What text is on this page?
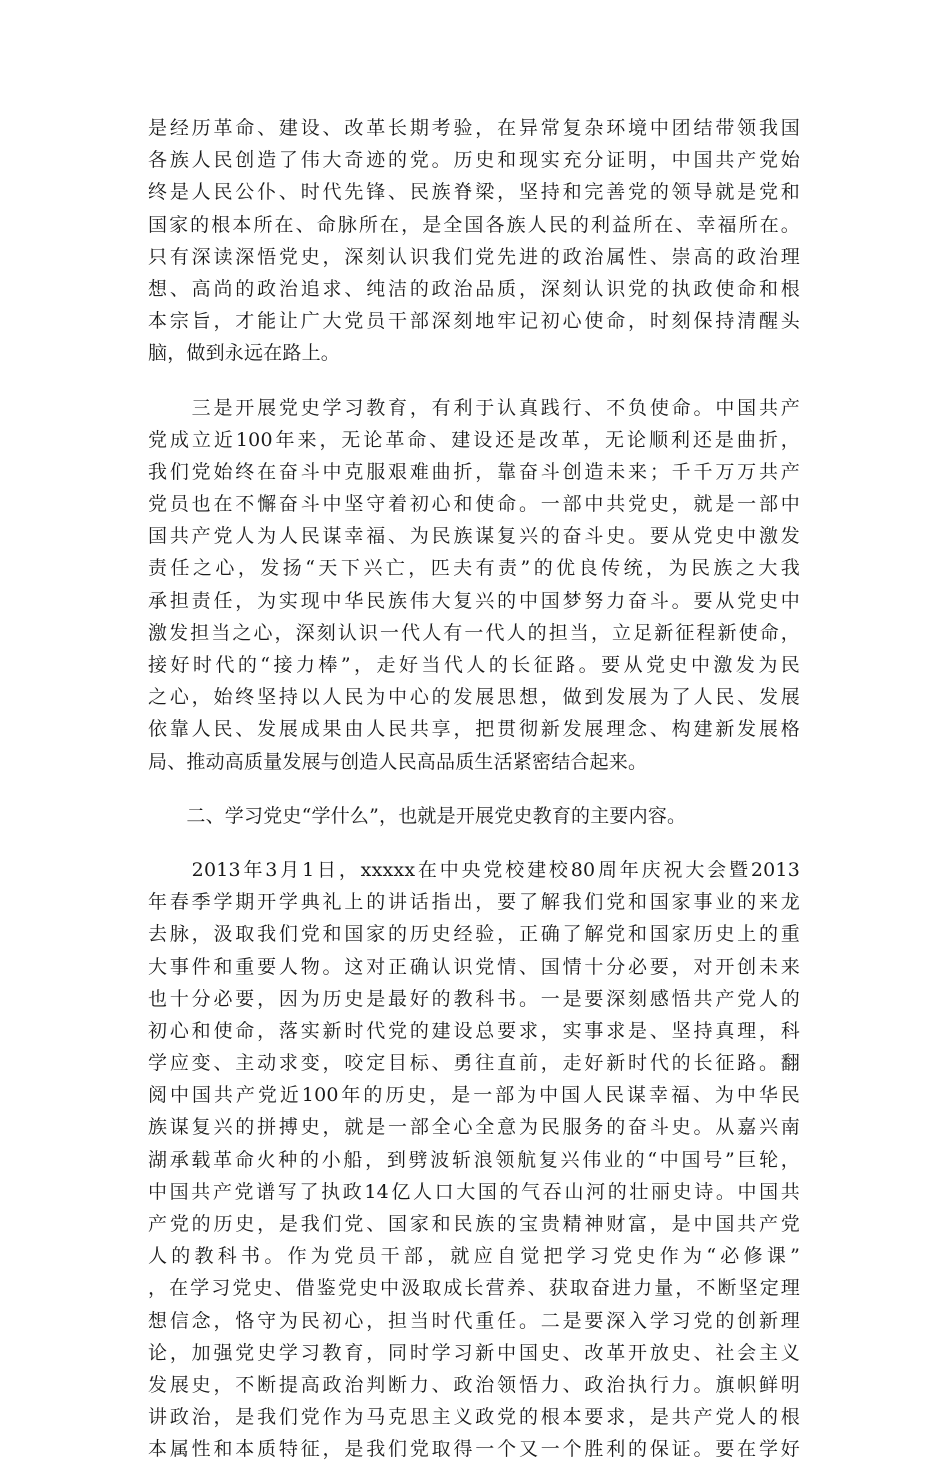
是经历革命、建设、改革长期考验，在异常复杂环境中团结带领我国
各族人民创造了伟大奇迹的党。历史和现实充分证明，中国共产党始
终是人民公仆、时代先锋、民族脊梁，坚持和完善党的领导就是党和
国家的根本所在、命脉所在，是全国各族人民的利益所在、幸福所在。
只有深读深悟党史，深刻认识我们党先进的政治属性、崇高的政治理
想、高尚的政治追求、纯洁的政治品质，深刻认识党的执政使命和根
本宗旨，才能让广大党员干部深刻地牢记初心使命，时刻保持清醒头
脑，做到永远在路上。
　　三是开展党史学习教育，有利于认真践行、不负使命。中国共产
党成立近100年来，无论革命、建设还是改革，无论顺利还是曲折，
我们党始终在奋斗中克服艰难曲折，靠奋斗创造未来；千千万万共产
党员也在不懈奋斗中坚守着初心和使命。一部中共党史，就是一部中
国共产党人为人民谋幸福、为民族谋复兴的奋斗史。要从党史中激发
责任之心，发扬“天下兴亡，匹夫有责”的优良传统，为民族之大我
承担责任，为实现中华民族伟大复兴的中国梦努力奋斗。要从党史中
激发担当之心，深刻认识一代人有一代人的担当，立足新征程新使命，
接好时代的“接力棒”，走好当代人的长征路。要从党史中激发为民
之心，始终坚持以人民为中心的发展思想，做到发展为了人民、发展
依靠人民、发展成果由人民共享，把贯彻新发展理念、构建新发展格
局、推动高质量发展与创造人民高品质生活紧密结合起来。
　　二、学习党史“学什么”，也就是开展党史教育的主要内容。
　　2013年3月1日，xxxxx在中央党校建校80周年庆祝大会暨2013
年春季学期开学典礼上的讲话指出，要了解我们党和国家事业的来龙
去脉，汲取我们党和国家的历史经验，正确了解党和国家历史上的重
大事件和重要人物。这对正确认识党情、国情十分必要，对开创未来
也十分必要，因为历史是最好的教科书。一是要深刻感悟共产党人的
初心和使命，落实新时代党的建设总要求，实事求是、坚持真理，科
学应变、主动求变，咬定目标、勇往直前，走好新时代的长征路。翻
阅中国共产党近100年的历史，是一部为中国人民谋幸福、为中华民
族谋复兴的拼搏史，就是一部全心全意为民服务的奋斗史。从嘉兴南
湖承载革命火种的小船，到劈波斩浪领航复兴伟业的“中国号”巨轮，
中国共产党谱写了执政14亿人口大国的气吞山河的壮丽史诗。中国共
产党的历史，是我们党、国家和民族的宝贵精神财富，是中国共产党
人的教科书。作为党员干部，就应自觉把学习党史作为“必修课”
，在学习党史、借鉴党史中汲取成长营养、获取奋进力量，不断坚定理
想信念，恪守为民初心，担当时代重任。二是要深入学习党的创新理
论，加强党史学习教育，同时学习新中国史、改革开放史、社会主义
发展史，不断提高政治判断力、政治领悟力、政治执行力。旗帜鲜明
讲政治，是我们党作为马克思主义政党的根本要求，是共产党人的根
本属性和本质特征，是我们党取得一个又一个胜利的保证。要在学好
